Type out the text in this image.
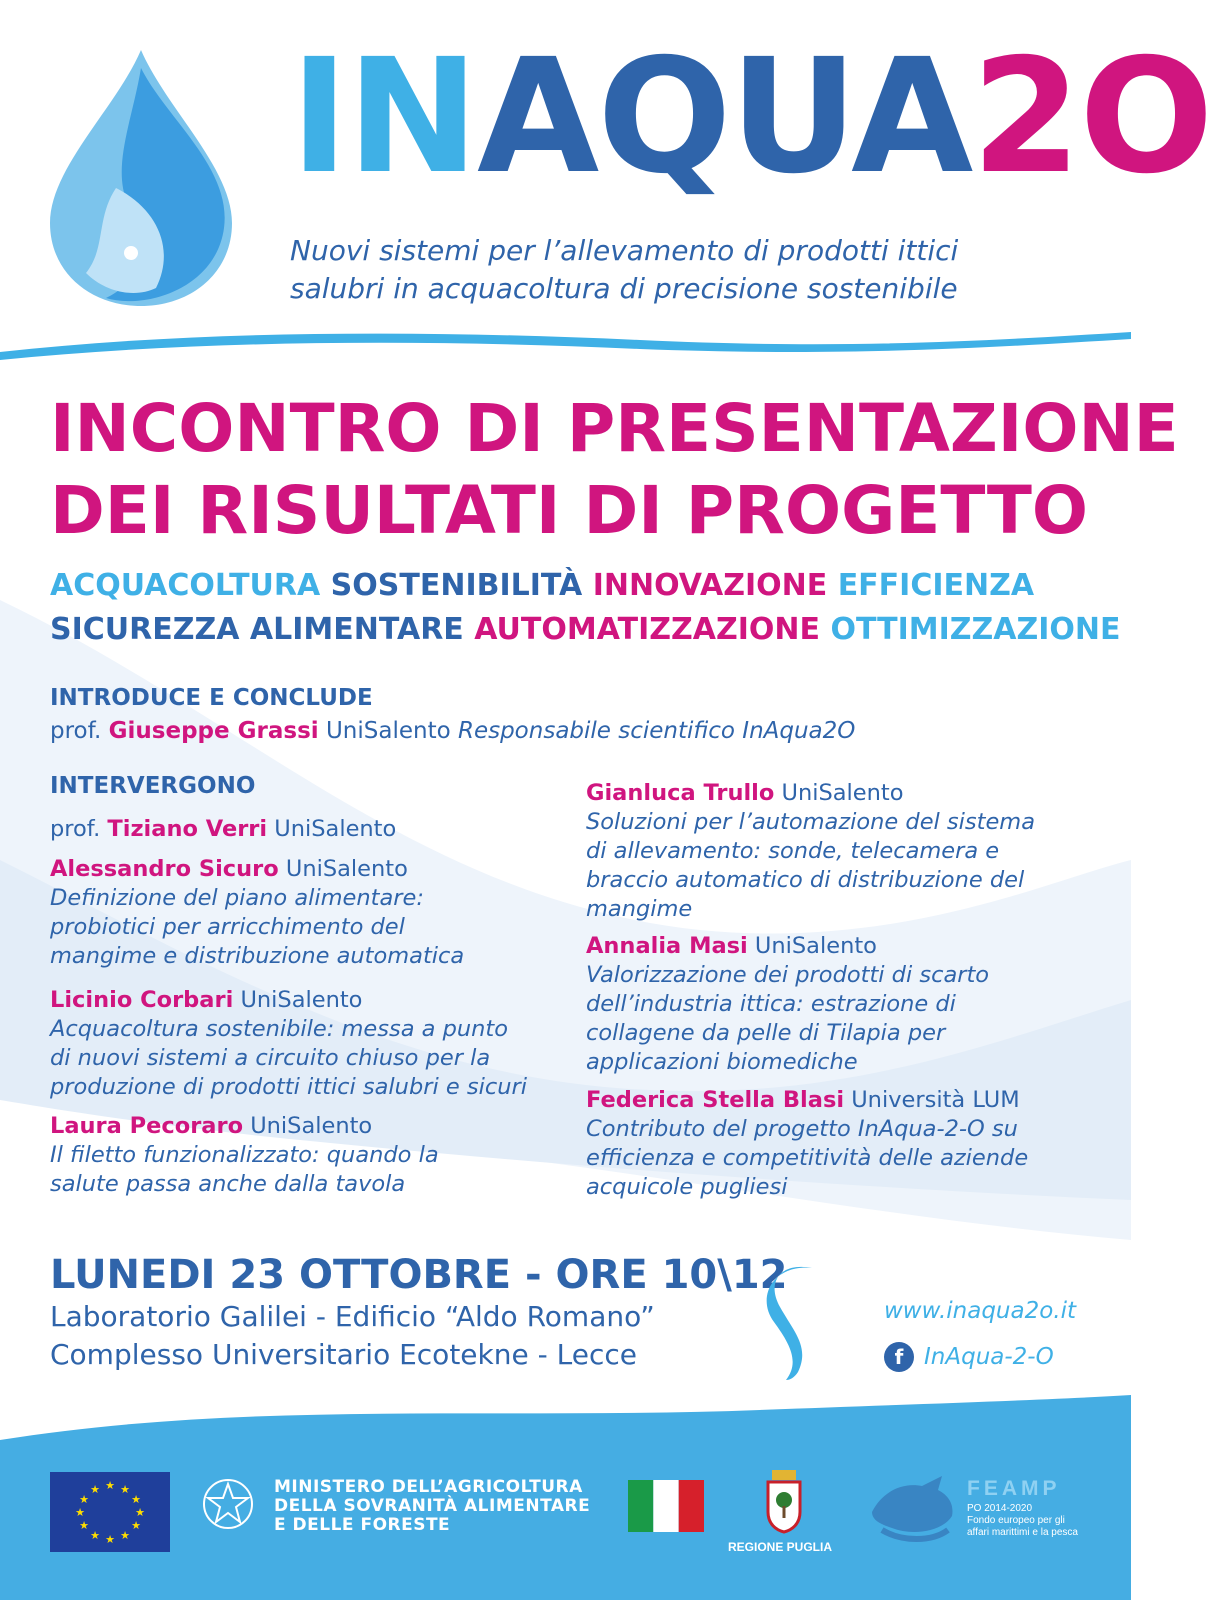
INAQUA2O
Nuovi sistemi per l’allevamento di prodotti ittici
salubri in acquacoltura di precisione sostenibile
INCONTRO DI PRESENTAZIONE
DEI RISULTATI DI PROGETTO
ACQUACOLTURA SOSTENIBILITÀ INNOVAZIONE EFFICIENZA
SICUREZZA ALIMENTARE AUTOMATIZZAZIONE OTTIMIZZAZIONE
INTRODUCE E CONCLUDE
prof. Giuseppe Grassi UniSalento Responsabile scientifico InAqua2O
INTERVERGONO
prof. Tiziano Verri UniSalento
Alessandro Sicuro UniSalento
Definizione del piano alimentare:
probiotici per arricchimento del
mangime e distribuzione automatica
Licinio Corbari UniSalento
Acquacoltura sostenibile: messa a punto
di nuovi sistemi a circuito chiuso per la
produzione di prodotti ittici salubri e sicuri
Laura Pecoraro UniSalento
Il filetto funzionalizzato: quando la
salute passa anche dalla tavola
Gianluca Trullo UniSalento
Soluzioni per l’automazione del sistema
di allevamento: sonde, telecamera e
braccio automatico di distribuzione del
mangime
Annalia Masi UniSalento
Valorizzazione dei prodotti di scarto
dell’industria ittica: estrazione di
collagene da pelle di Tilapia per
applicazioni biomediche
Federica Stella Blasi Università LUM
Contributo del progetto InAqua-2-O su
efficienza e competitività delle aziende
acquicole pugliesi
LUNEDI 23 OTTOBRE - ORE 10\12
Laboratorio Galilei - Edificio “Aldo Romano”
Complesso Universitario Ecotekne - Lecce
www.inaqua2o.it
f InAqua-2-O
★ ★
★
★
★
★
★
★
★
★
★
★	MINISTERO DELL’AGRICOLTURA
DELLA SOVRANITÀ ALIMENTARE
E DELLE FORESTE
REGIONE PUGLIA
FEAMP
PO 2014-2020
Fondo europeo per gli
affari marittimi e la pesca
